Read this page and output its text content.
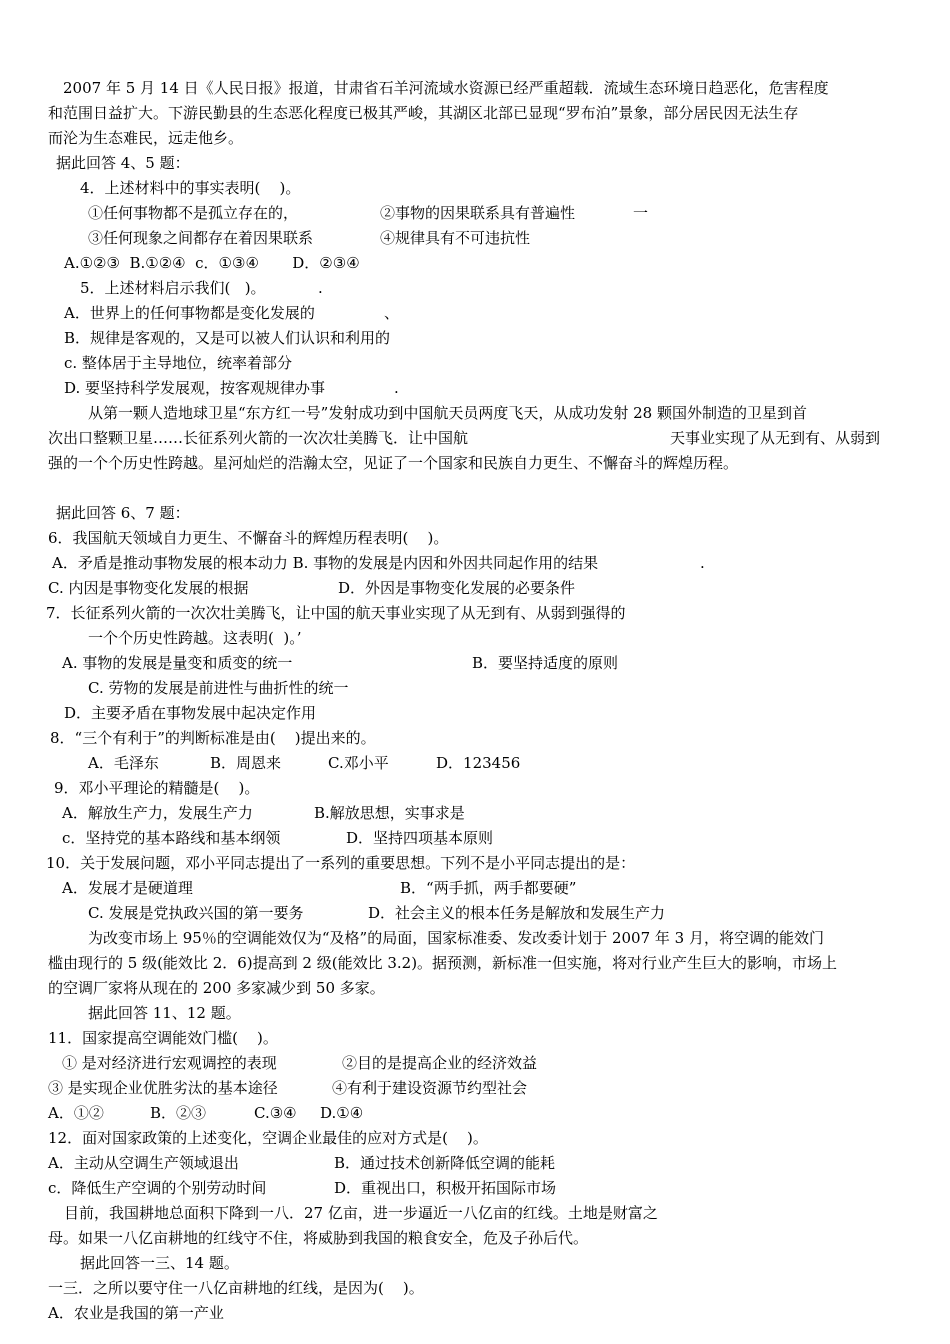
　2007 年 5 月 14 日《人民日报》报道，甘肃省石羊河流域水资源已经严重超载．流域生态环境日趋恶化，危害程度
和范围日益扩大。下游民勤县的生态恶化程度已极其严峻，其湖区北部已显现“罗布泊”景象，部分居民因无法生存
而沦为生态难民，远走他乡。
据此回答 4、5 题：
4．上述材料中的事实表明(    )。

①任何事物都不是孤立存在的，

	②事物的因果联系具有普遍性

	一

③任何现象之间都存在着因果联系

	④规律具有不可违抗性

A.①②③  B.①②④  c．①③④       D．②③④

5．上述材料启示我们(   )。

	.

A．世界上的任何事物都是变化发展的

	、

B．规律是客观的，又是可以被人们认识和利用的
c. 整体居于主导地位，统率着部分

D. 要坚持科学发展观，按客观规律办事

	.

从第一颗人造地球卫星“东方红一号”发射成功到中国航天员两度飞天，从成功发射 28 颗国外制造的卫星到首

次出口整颗卫星……长征系列火箭的一次次壮美腾飞．让中国航

	天事业实现了从无到有、从弱到

强的一个个历史性跨越。星河灿烂的浩瀚太空，见证了一个国家和民族自力更生、不懈奋斗的辉煌历程。
据此回答 6、7 题：
6．我国航天领域自力更生、不懈奋斗的辉煌历程表明(    )。

A．矛盾是推动事物发展的根本动力 B. 事物的发展是内因和外因共同起作用的结果

	.

C. 内因是事物变化发展的根据

	D．外因是事物变化发展的必要条件

7．长征系列火箭的一次次壮美腾飞，让中国的航天事业实现了从无到有、从弱到强得的
一个个历史性跨越。这表明(  )。’

A. 事物的发展是量变和质变的统一

	B．要坚持适度的原则

C. 劳物的发展是前进性与曲折性的统一
D．主要矛盾在事物发展中起决定作用
8．“三个有利于”的判断标准是由(    )提出来的。

A．毛泽东

	B．周恩来

	C.邓小平

	D．123456

9．邓小平理论的精髓是(    )。

A．解放生产力，发展生产力

	B.解放思想，实事求是

c．坚持党的基本路线和基本纲领

	D．坚持四项基本原则

10．关于发展问题，邓小平同志提出了一系列的重要思想。下列不是小平同志提出的是：

A．发展才是硬道理

	B．“两手抓，两手都要硬”

C. 发展是党执政兴国的第一要务

	D．社会主义的根本任务是解放和发展生产力

为改变市场上 95％的空调能效仅为“及格”的局面，国家标准委、发改委计划于 2007 年 3 月，将空调的能效门
槛由现行的 5 级(能效比 2．6)提高到 2 级(能效比 3.2)。据预测，新标准一但实施，将对行业产生巨大的影响，市场上
的空调厂家将从现在的 200 多家减少到 50 多家。
据此回答 11、12 题。
11．国家提高空调能效门槛(    )。

① 是对经济进行宏观调控的表现

	②目的是提高企业的经济效益

③ 是实现企业优胜劣汰的基本途径

	④有利于建设资源节约型社会

A．①②

	B．②③

	C.③④

D.①④

12．面对国家政策的上述变化，空调企业最佳的应对方式是(    )。

A．主动从空调生产领域退出

	B．通过技术创新降低空调的能耗

c．降低生产空调的个别劳动时间

	D．重视出口，积极开拓国际市场

目前，我国耕地总面积下降到一八．27 亿亩，进一步逼近一八亿亩的红线。土地是财富之
母。如果一八亿亩耕地的红线守不住，将威胁到我国的粮食安全，危及子孙后代。
据此回答一三、14 题。
一三．之所以要守住一八亿亩耕地的红线，是因为(    )。
A．农业是我国的第一产业
